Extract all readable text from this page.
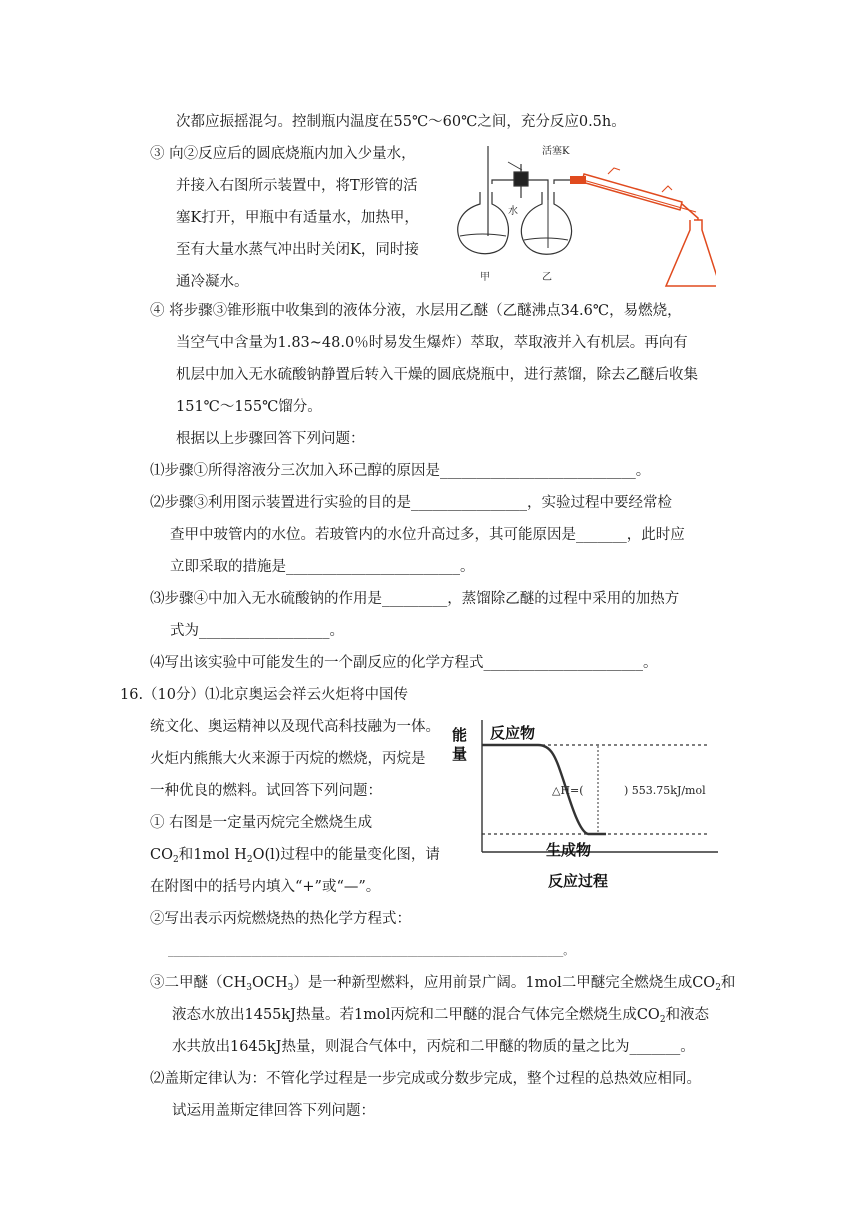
次都应振摇混匀。控制瓶内温度在55℃～60℃之间，充分反应0.5h。
③ 向②反应后的圆底烧瓶内加入少量水，
并接入右图所示装置中，将T形管的活
塞K打开，甲瓶中有适量水，加热甲，
至有大量水蒸气冲出时关闭K，同时接
通冷凝水。
④ 将步骤③锥形瓶中收集到的液体分液，水层用乙醚（乙醚沸点34.6℃，易燃烧，
当空气中含量为1.83~48.0％时易发生爆炸）萃取，萃取液并入有机层。再向有
机层中加入无水硫酸钠静置后转入干燥的圆底烧瓶中，进行蒸馏，除去乙醚后收集
151℃～155℃馏分。
根据以上步骤回答下列问题：
⑴步骤①所得溶液分三次加入环己醇的原因是___________________________。
⑵步骤③利用图示装置进行实验的目的是________________，实验过程中要经常检
查甲中玻管内的水位。若玻管内的水位升高过多，其可能原因是_______，此时应
立即采取的措施是________________________。
⑶步骤④中加入无水硫酸钠的作用是_________，蒸馏除乙醚的过程中采用的加热方
式为__________________。
⑷写出该实验中可能发生的一个副反应的化学方程式______________________。
16.（10分）⑴北京奥运会祥云火炬将中国传
统文化、奥运精神以及现代高科技融为一体。
火炬内熊熊大火来源于丙烷的燃烧，丙烷是
一种优良的燃料。试回答下列问题：
① 右图是一定量丙烷完全燃烧生成
$CO_2$和1mol $H_2O(l)$过程中的能量变化图，请
在附图中的括号内填入“+”或“—”。
②写出表示丙烷燃烧热的热化学方程式：
____________________________________________________________________________。
③二甲醚$(CH_3OCH_3)$是一种新型燃料，应用前景广阔。1mol二甲醚完全燃烧生成$CO_2$和
液态水放出1455kJ热量。若1mol丙烷和二甲醚的混合气体完全燃烧生成$CO_2$和液态
水共放出1645kJ热量，则混合气体中，丙烷和二甲醚的物质的量之比为_______。
⑵盖斯定律认为：不管化学过程是一步完成或分数步完成，整个过程的总热效应相同。
试运用盖斯定律回答下列问题：
活塞K
水
甲	乙
能
量
反应物
反应过程
生成物
△H=(	) 553.75kJ/mol
